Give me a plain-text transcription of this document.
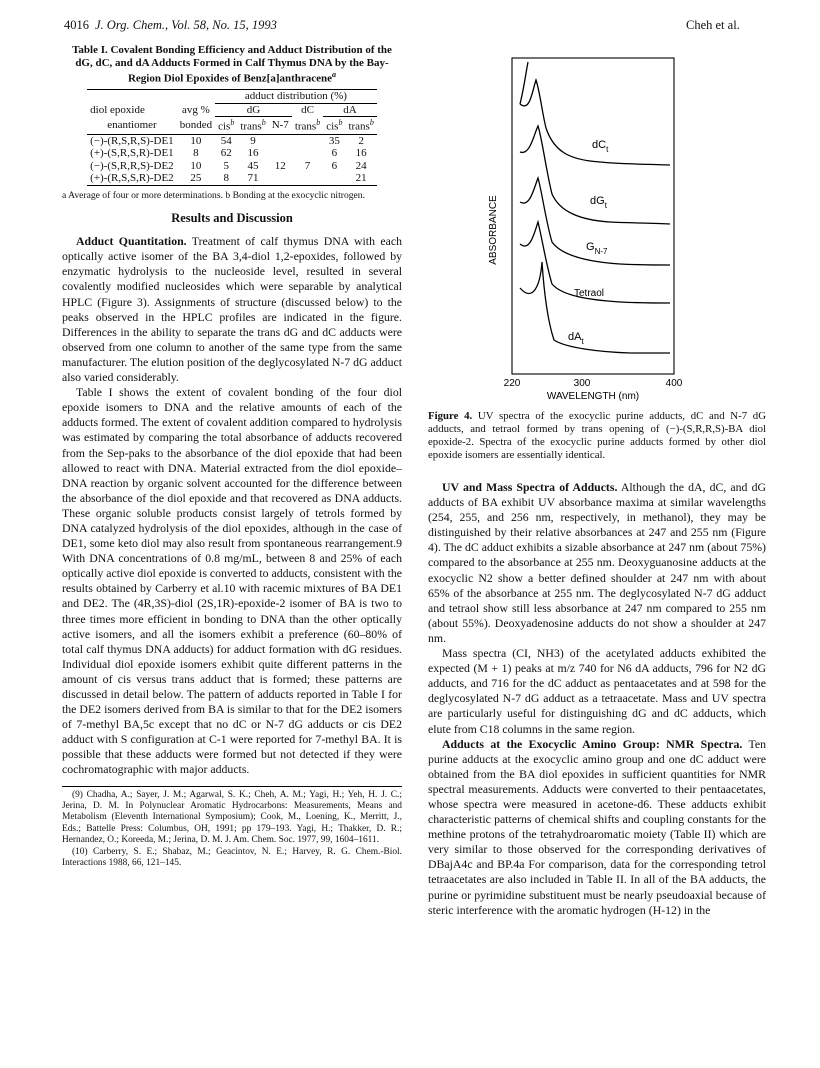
4016 J. Org. Chem., Vol. 58, No. 15, 1993	Cheh et al.
Table I. Covalent Bonding Efficiency and Adduct Distribution of the dG, dC, and dA Adducts Formed in Calf Thymus DNA by the Bay-Region Diol Epoxides of Benz[a]anthracene$^a$
		adduct distribution (%)					
diol epoxide	avg %	dG			dC	dA	
enantiomer	bonded	cis$^b$	trans$^b$	N-7	trans$^b$	cis$^b$	trans$^b$
(−)-(R,S,R,S)-DE1	10	54	9			35	2
(+)-(S,R,S,R)-DE1	8	62	16			6	16
(−)-(S,R,R,S)-DE2	10	5	45	12	7	6	24
(+)-(R,S,S,R)-DE2	25	8	71				21
a Average of four or more determinations. b Bonding at the exocyclic nitrogen.
Results and Discussion

Adduct Quantitation. Treatment of calf thymus DNA with each optically active isomer of the BA 3,4-diol 1,2-epoxides, followed by enzymatic hydrolysis to the nucleoside level, resulted in several covalently modified nucleosides which were separable by analytical HPLC (Figure 3). Assignments of structure (discussed below) to the peaks observed in the HPLC profiles are indicated in the figure. Differences in the ability to separate the trans dG and dC adducts were observed from one column to another of the same type from the same manufacturer. The elution position of the deglycosylated N-7 dG adduct also varied considerably.

Table I shows the extent of covalent bonding of the four diol epoxide isomers to DNA and the relative amounts of each of the adducts formed. The extent of covalent addition compared to hydrolysis was estimated by comparing the total absorbance of adducts recovered from the Sep-paks to the absorbance of the diol epoxide that had been allowed to react with DNA. Material extracted from the diol epoxide–DNA reaction by organic solvent accounted for the difference between the absorbance of the diol epoxide and that recovered as DNA adducts. These organic soluble products consist largely of tetrols formed by DNA catalyzed hydrolysis of the diol epoxides, although in the case of DE1, some keto diol may also result from spontaneous rearrangement.9 With DNA concentrations of 0.8 mg/mL, between 8 and 25% of each optically active diol epoxide is converted to adducts, consistent with the results obtained by Carberry et al.10 with racemic mixtures of BA DE1 and DE2. The (4R,3S)-diol (2S,1R)-epoxide-2 isomer of BA is two to three times more efficient in bonding to DNA than the other optically active isomers, and all the isomers exhibit a preference (60–80% of total calf thymus DNA adducts) for adduct formation with dG residues. Individual diol epoxide isomers exhibit quite different patterns in the amount of cis versus trans adduct that is formed; these patterns are discussed in detail below. The pattern of adducts reported in Table I for the DE2 isomers derived from BA is similar to that for the DE2 isomers of 7-methyl BA,5c except that no dC or N-7 dG adducts or cis DE2 adduct with S configuration at C-1 were reported for 7-methyl BA. It is possible that these adducts were formed but not detected if they were cochromatographic with major adducts.

(9) Chadha, A.; Sayer, J. M.; Agarwal, S. K.; Cheh, A. M.; Yagi, H.; Yeh, H. J. C.; Jerina, D. M. In Polynuclear Aromatic Hydrocarbons: Measurements, Means and Metabolism (Eleventh International Symposium); Cook, M., Loening, K., Merritt, J., Eds.; Battelle Press: Columbus, OH, 1991; pp 179–193. Yagi, H.; Thakker, D. R.; Hernandez, O.; Koreeda, M.; Jerina, D. M. J. Am. Chem. Soc. 1977, 99, 1604–1611.
(10) Carberry, S. E.; Shabaz, M.; Geacintov, N. E.; Harvey, R. G. Chem.-Biol. Interactions 1988, 66, 121–145.
$dC_t$
$dG_t$
$G_{N-7}$
Tetraol
$dA_t$
ABSORBANCE
220	300	400
WAVELENGTH (nm)
Figure 4. UV spectra of the exocyclic purine adducts, dC and N-7 dG adducts, and tetraol formed by trans opening of (−)-(S,R,R,S)-BA diol epoxide-2. Spectra of the exocyclic purine adducts formed by other diol epoxide isomers are essentially identical.

UV and Mass Spectra of Adducts. Although the dA, dC, and dG adducts of BA exhibit UV absorbance maxima at similar wavelengths (254, 255, and 256 nm, respectively, in methanol), they may be distinguished by their relative absorbances at 247 and 255 nm (Figure 4). The dC adduct exhibits a sizable absorbance at 247 nm (about 75%) compared to the absorbance at 255 nm. Deoxyguanosine adducts at the exocyclic N2 show a better defined shoulder at 247 nm with about 65% of the absorbance at 255 nm. The deglycosylated N-7 dG adduct and tetraol show still less absorbance at 247 nm compared to 255 nm (about 55%). Deoxyadenosine adducts do not show a shoulder at 247 nm.

Mass spectra (CI, NH3) of the acetylated adducts exhibited the expected (M + 1) peaks at m/z 740 for N6 dA adducts, 796 for N2 dG adducts, and 716 for the dC adduct as pentaacetates and at 598 for the deglycosylated N-7 dG adduct as a tetraacetate. Mass and UV spectra are particularly useful for distinguishing dG and dC adducts, which elute from C18 columns in the same region.

Adducts at the Exocyclic Amino Group: NMR Spectra. Ten purine adducts at the exocyclic amino group and one dC adduct were obtained from the BA diol epoxides in sufficient quantities for NMR spectral measurements. Adducts were converted to their pentaacetates, whose spectra were measured in acetone-d6. These adducts exhibit characteristic patterns of chemical shifts and coupling constants for the methine protons of the tetrahydroaromatic moiety (Table II) which are very similar to those observed for the corresponding derivatives of DBajA4c and BP.4a For comparison, data for the corresponding tetrol tetraacetates are also included in Table II. In all of the BA adducts, the purine or pyrimidine substituent must be nearly pseudoaxial because of steric interference with the aromatic hydrogen (H-12) in the
